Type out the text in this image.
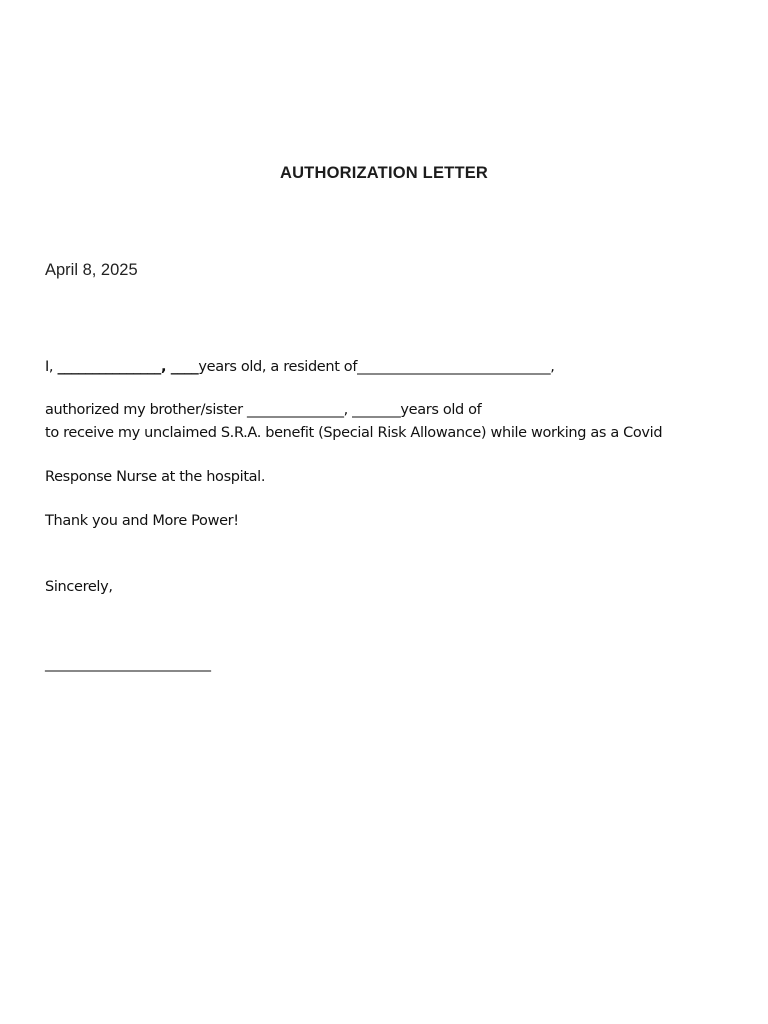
AUTHORIZATION LETTER
April 8, 2025
I, _______________, ____years old, a resident of____________________________,
authorized my brother/sister ______________, _______years old of
to receive my unclaimed S.R.A. benefit (Special Risk Allowance) while working as a Covid
Response Nurse at the hospital.
Thank you and More Power!
Sincerely,
________________________
